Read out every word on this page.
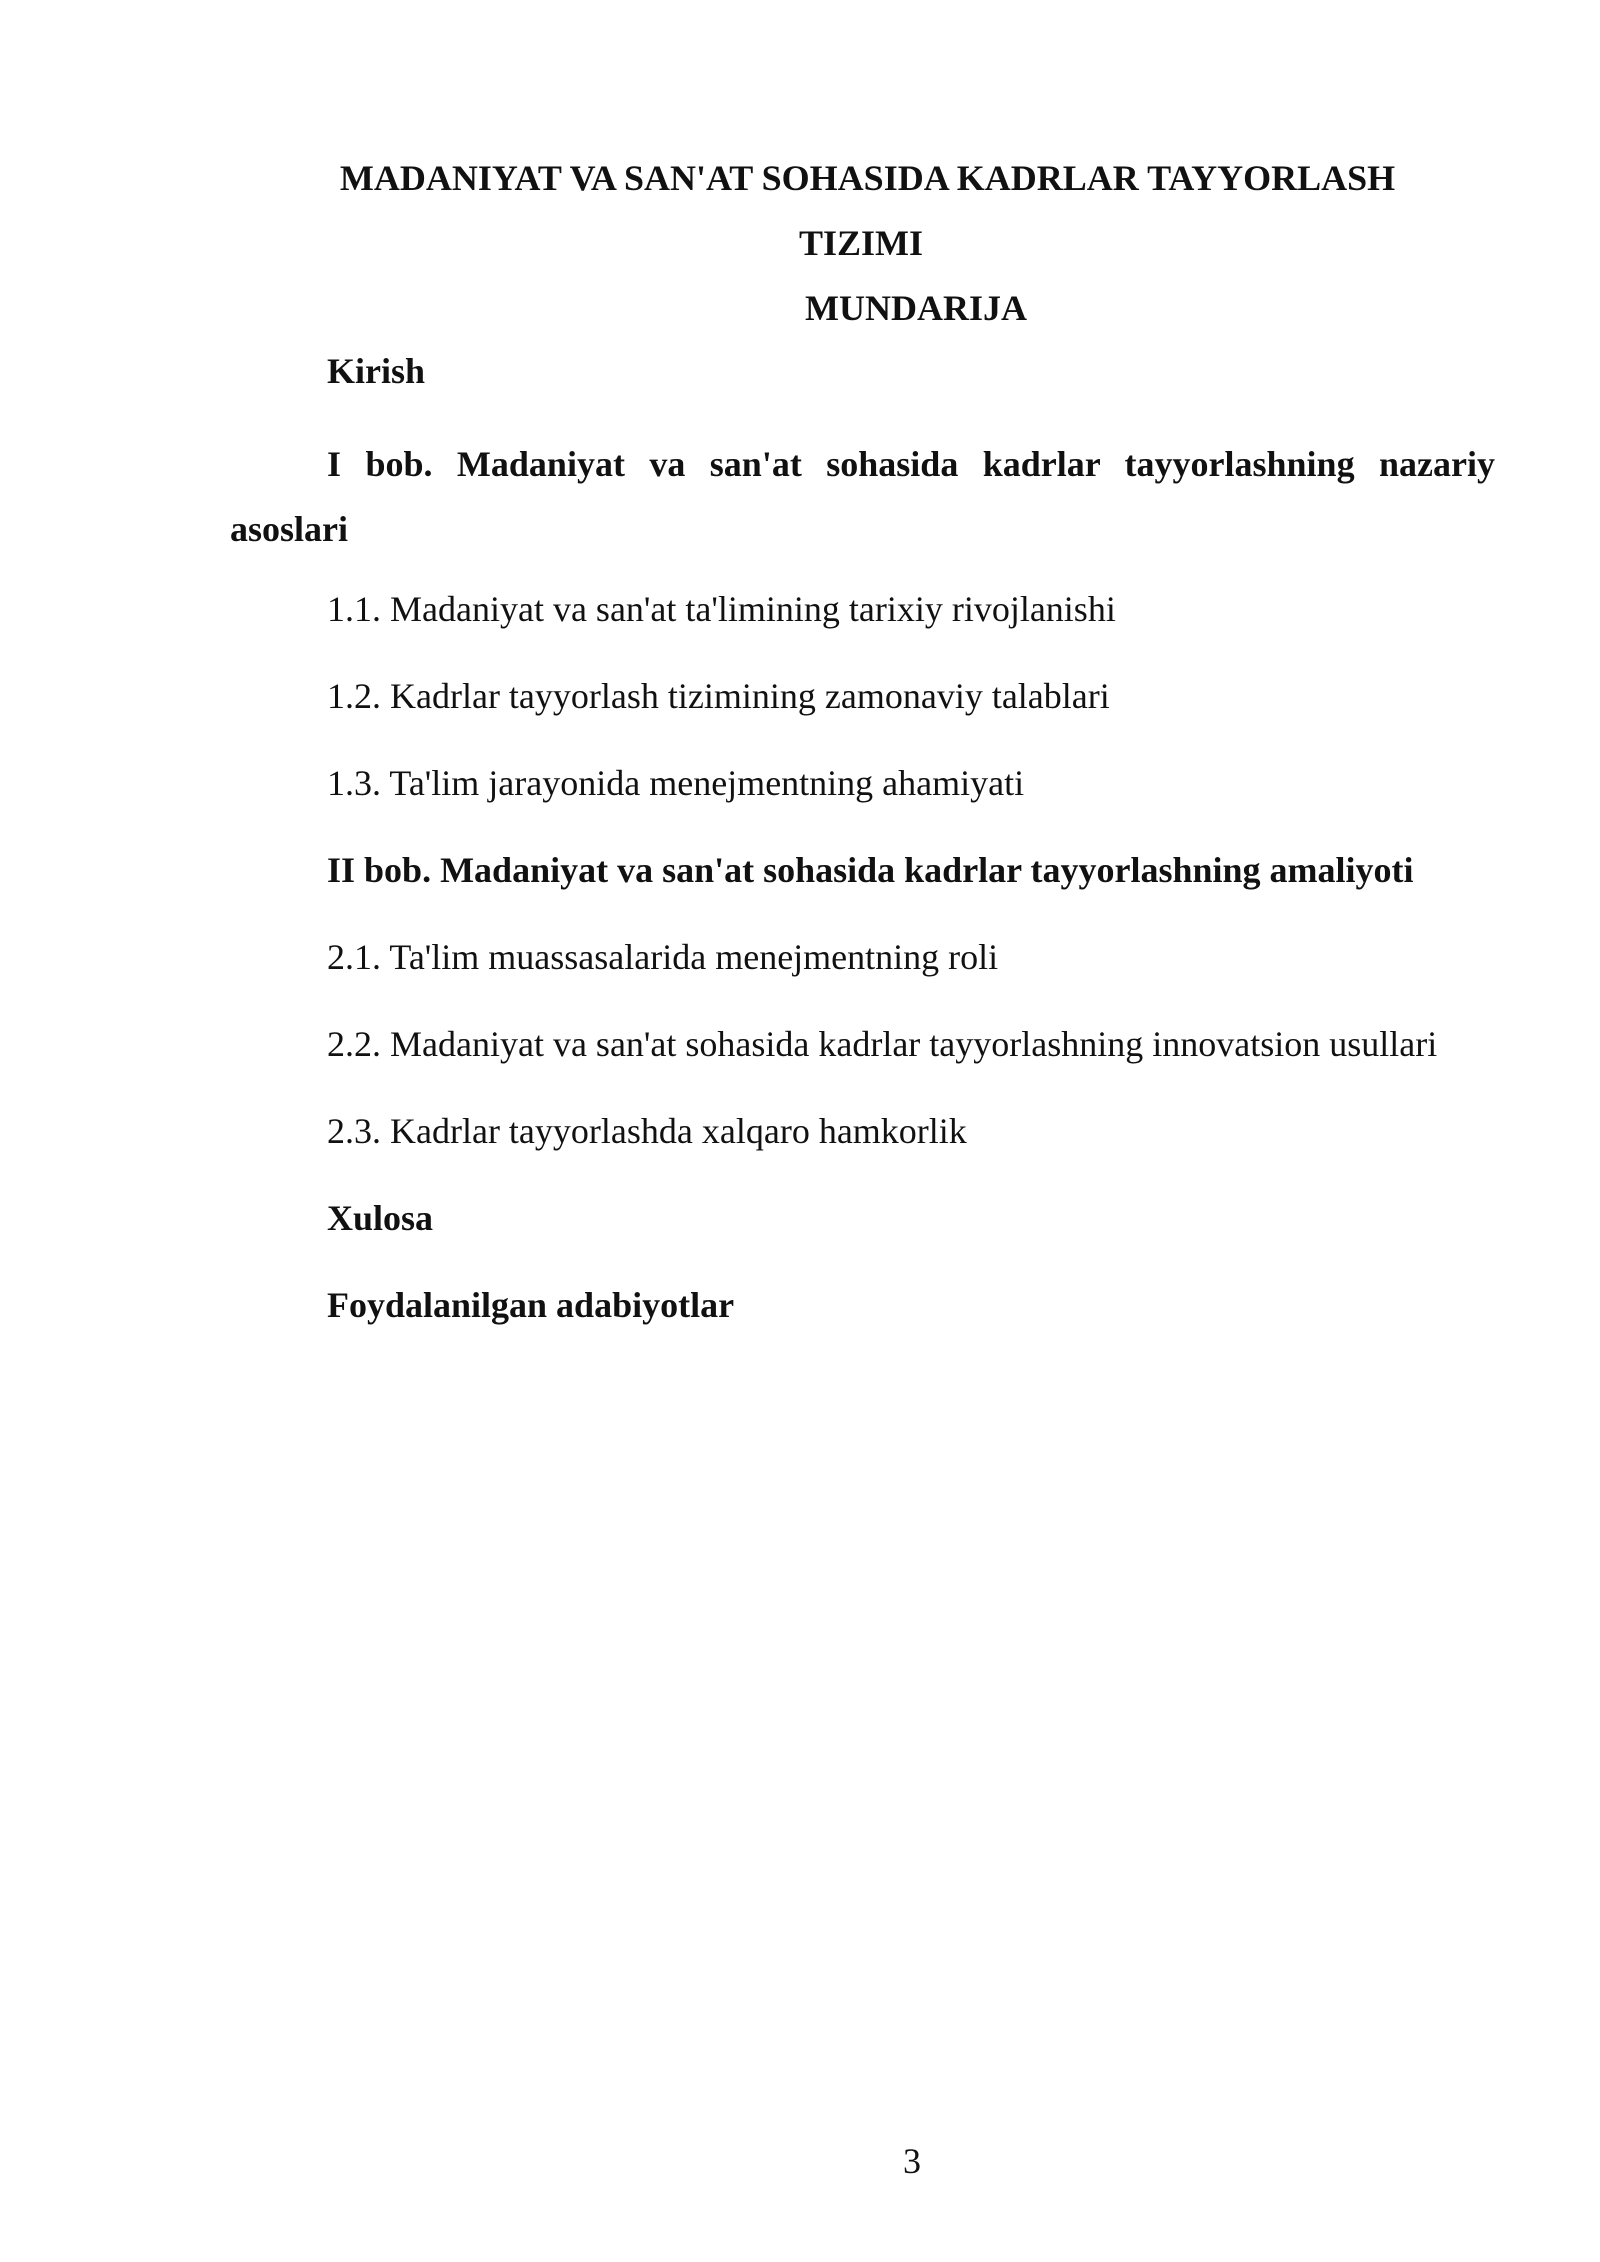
MADANIYAT VA SAN'AT SOHASIDA KADRLAR TAYYORLASH
TIZIMI
MUNDARIJA
Kirish
I bob. Madaniyat va san'at sohasida kadrlar tayyorlashning nazariy asoslari
1.1. Madaniyat va san'at ta'limining tarixiy rivojlanishi
1.2. Kadrlar tayyorlash tizimining zamonaviy talablari
1.3. Ta'lim jarayonida menejmentning ahamiyati
II bob. Madaniyat va san'at sohasida kadrlar tayyorlashning amaliyoti
2.1. Ta'lim muassasalarida menejmentning roli
2.2. Madaniyat va san'at sohasida kadrlar tayyorlashning innovatsion usullari
2.3. Kadrlar tayyorlashda xalqaro hamkorlik
Xulosa
Foydalanilgan adabiyotlar
3
